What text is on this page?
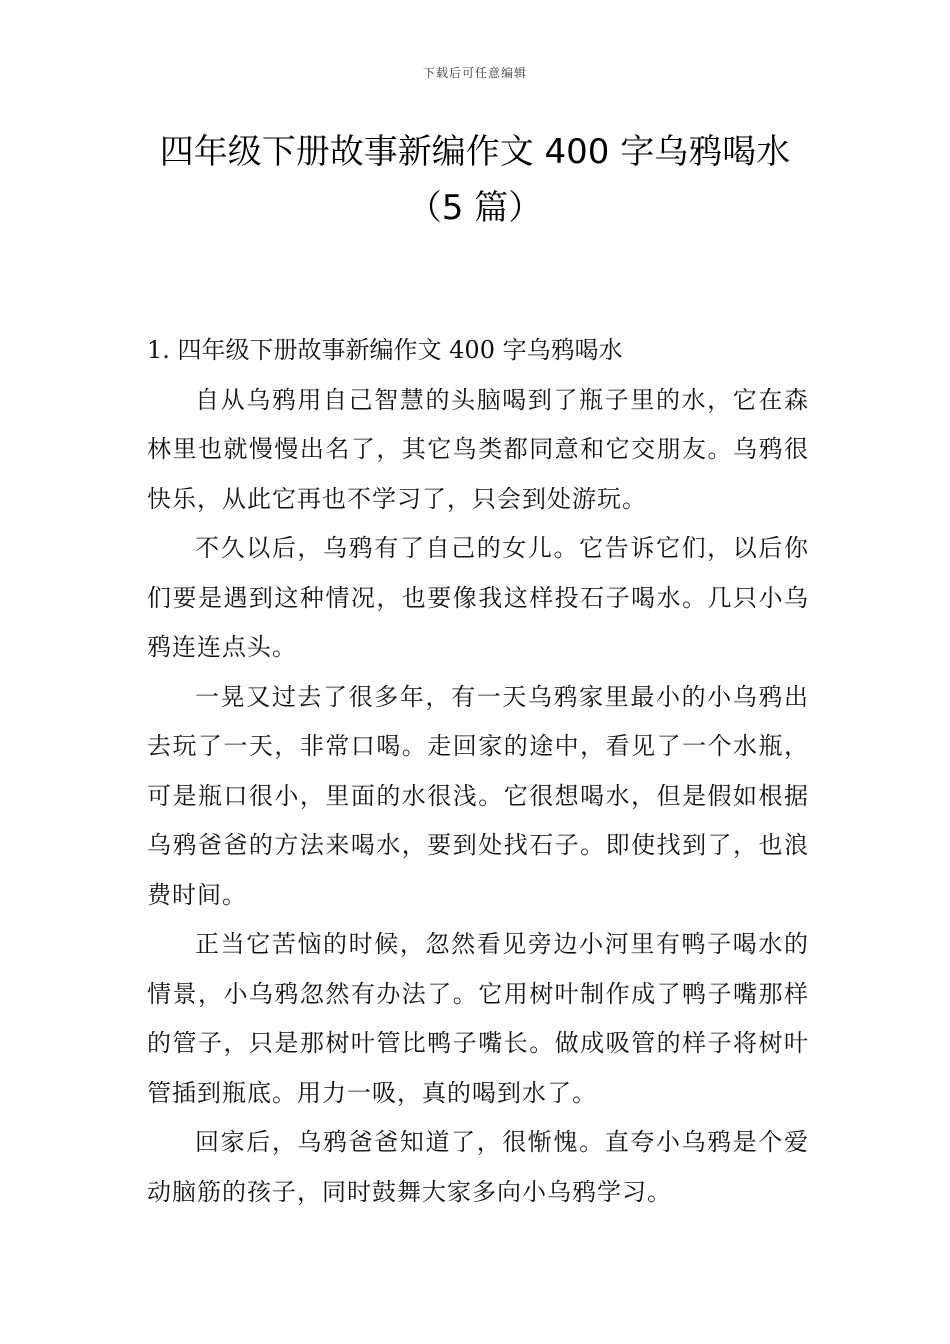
下载后可任意编辑
四年级下册故事新编作文 400 字乌鸦喝水
（5 篇）
1. 四年级下册故事新编作文 400 字乌鸦喝水

自从乌鸦用自己智慧的头脑喝到了瓶子里的水，它在森林里也就慢慢出名了，其它鸟类都同意和它交朋友。乌鸦很快乐，从此它再也不学习了，只会到处游玩。

不久以后，乌鸦有了自己的女儿。它告诉它们，以后你们要是遇到这种情况，也要像我这样投石子喝水。几只小乌鸦连连点头。

一晃又过去了很多年，有一天乌鸦家里最小的小乌鸦出去玩了一天，非常口喝。走回家的途中，看见了一个水瓶，可是瓶口很小，里面的水很浅。它很想喝水，但是假如根据乌鸦爸爸的方法来喝水，要到处找石子。即使找到了，也浪费时间。

正当它苦恼的时候，忽然看见旁边小河里有鸭子喝水的情景，小乌鸦忽然有办法了。它用树叶制作成了鸭子嘴那样的管子，只是那树叶管比鸭子嘴长。做成吸管的样子将树叶管插到瓶底。用力一吸，真的喝到水了。

回家后，乌鸦爸爸知道了，很惭愧。直夸小乌鸦是个爱动脑筋的孩子，同时鼓舞大家多向小乌鸦学习。
